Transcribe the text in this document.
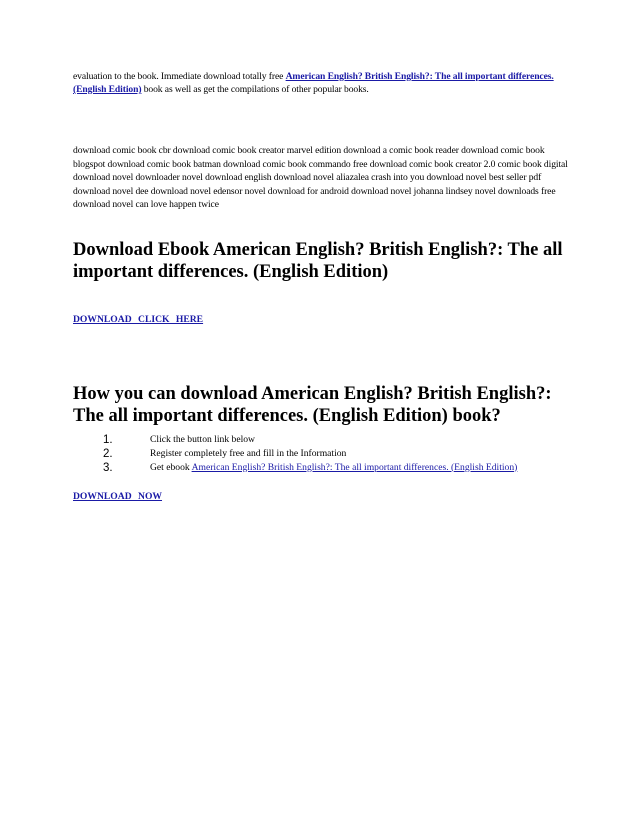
evaluation to the book. Immediate download totally free American English? British English?: The all important differences. (English Edition) book as well as get the compilations of other popular books.

download comic book cbr download comic book creator marvel edition download a comic book reader download comic book blogspot download comic book batman download comic book commando free download comic book creator 2.0 comic book digital download novel downloader novel download english download novel aliazalea crash into you download novel best seller pdf download novel dee download novel edensor novel download for android download novel johanna lindsey novel downloads free download novel can love happen twice

Download Ebook American English? British English?: The all important differences. (English Edition)
DOWNLOAD CLICK HERE
How you can download American English? British English?: The all important differences. (English Edition) book?
1.	Click the button link below
2.	Register completely free and fill in the Information
3.	Get ebook American English? British English?: The all important differences. (English Edition)
DOWNLOAD NOW
